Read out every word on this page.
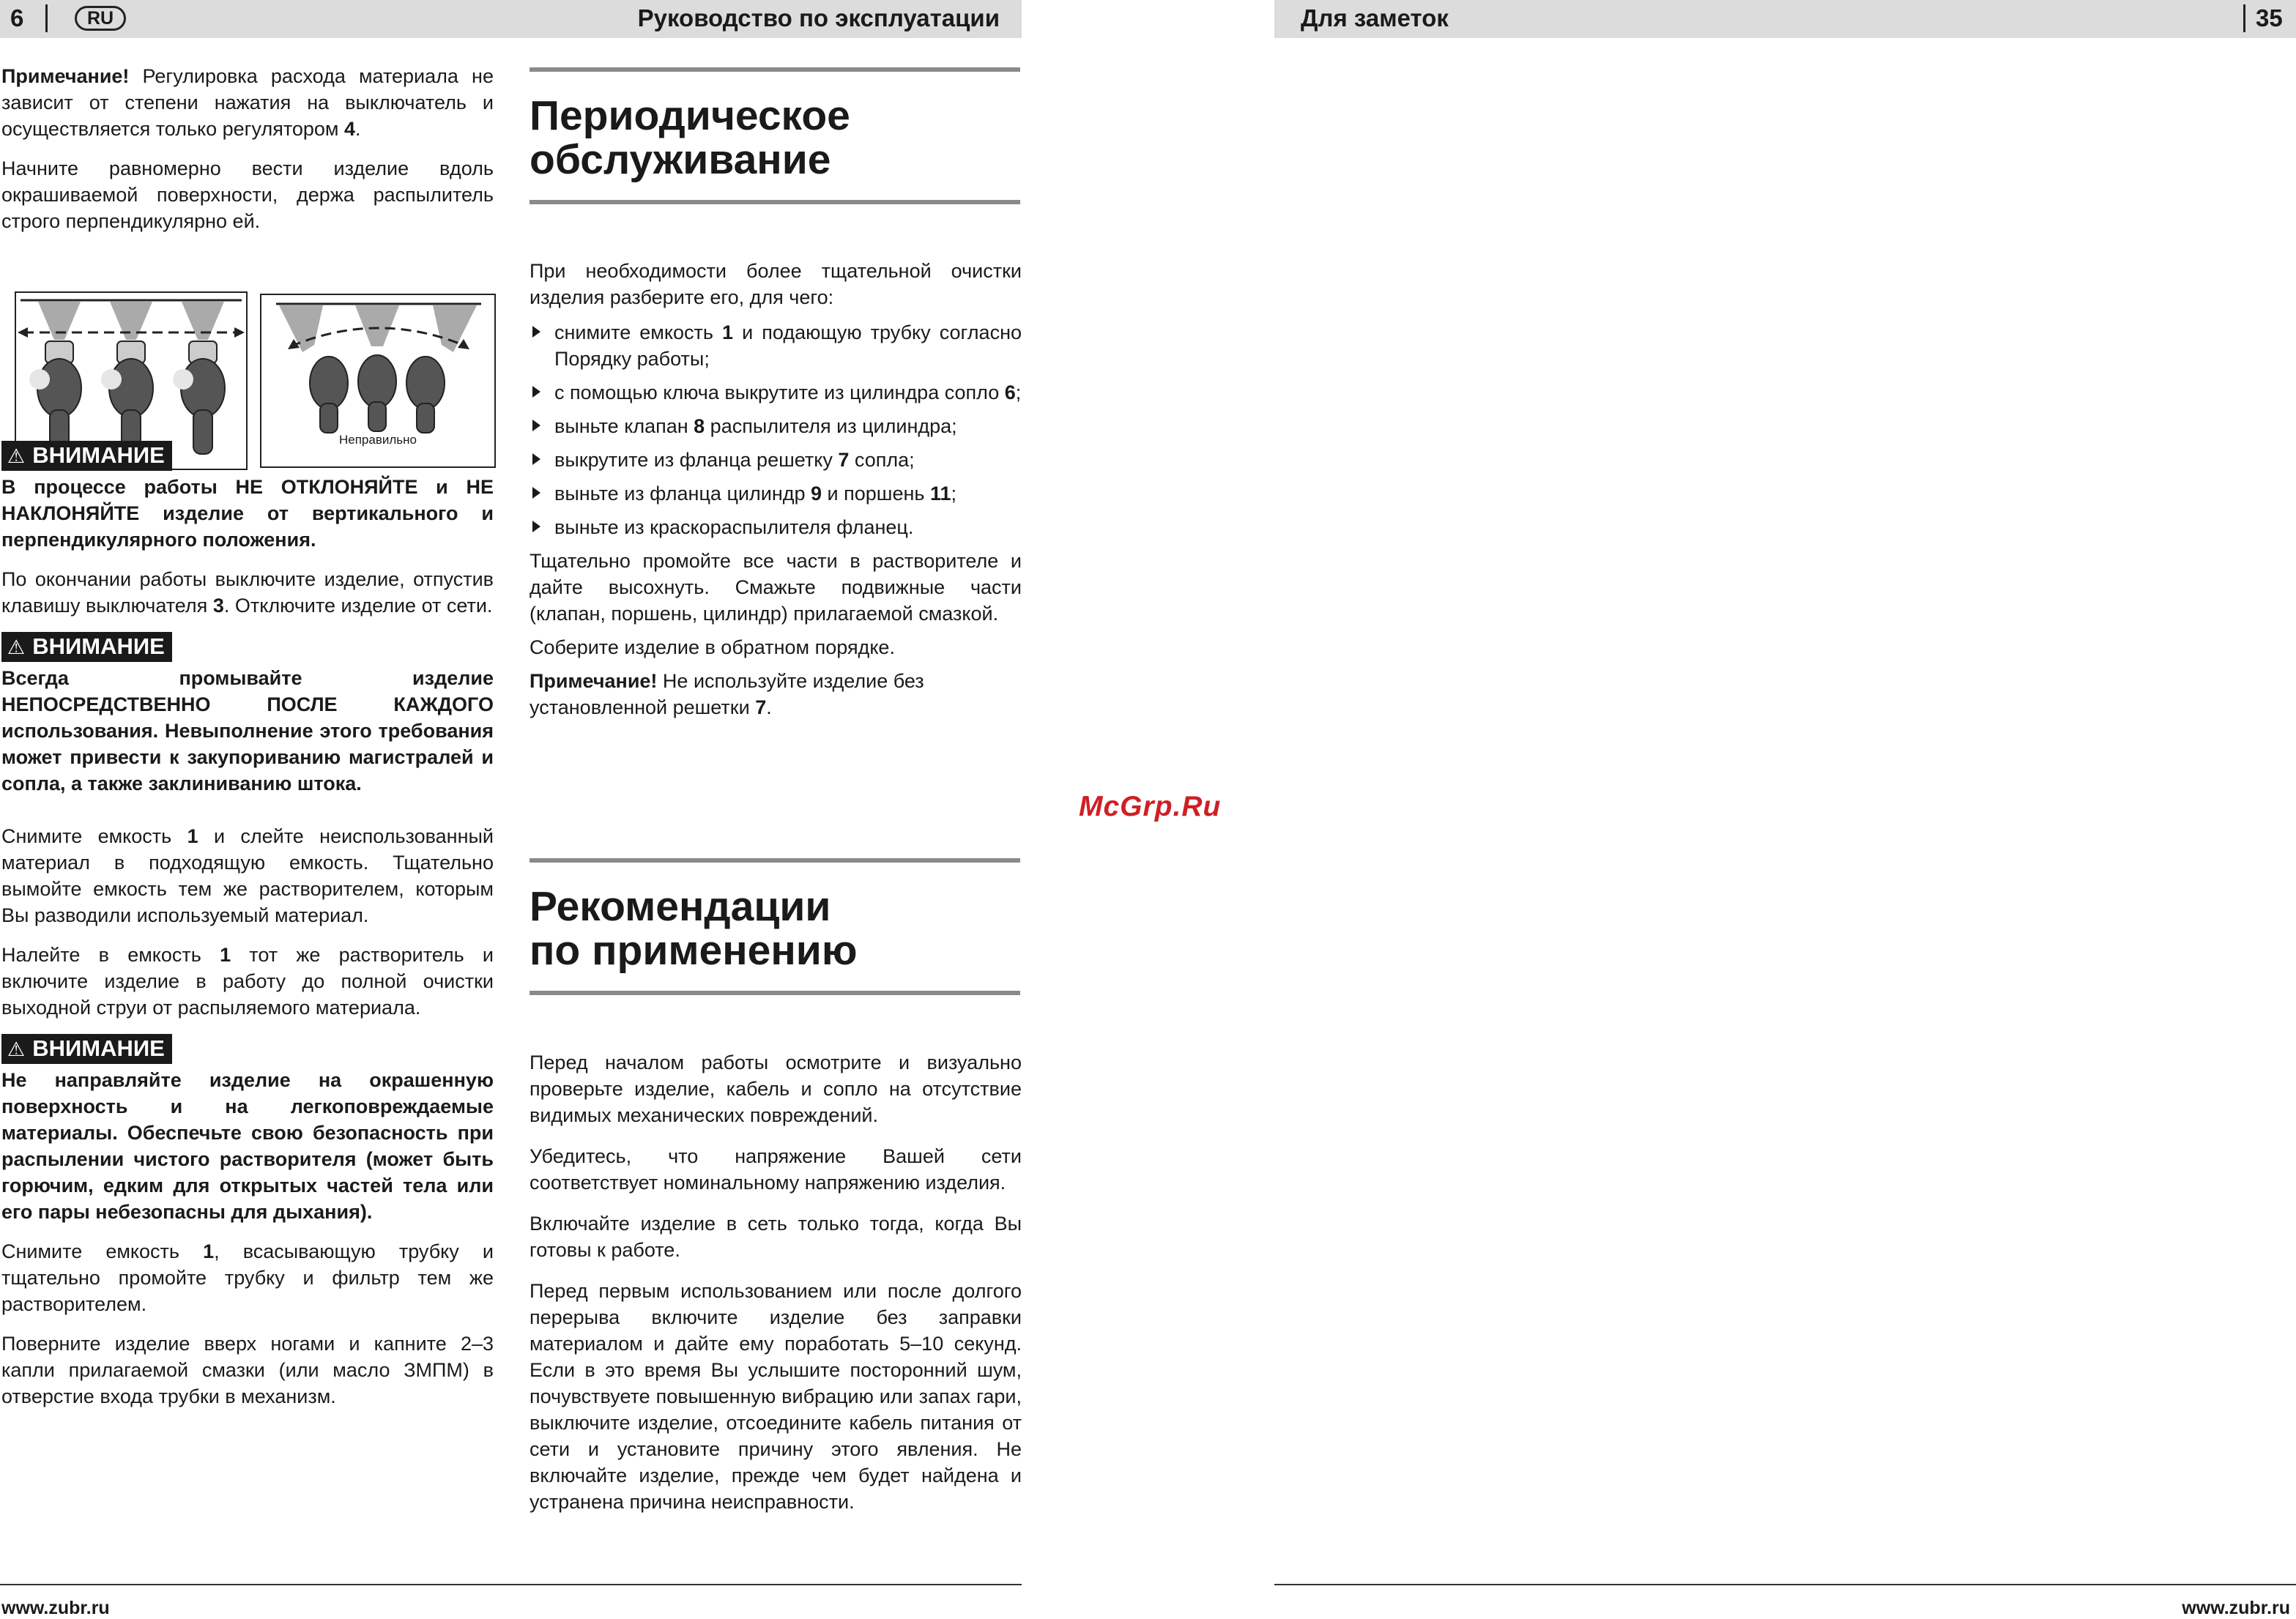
6	RU	Руководство по эксплуатации	Для заметок	35

Примечание! Регулировка расхода материала не зависит от степени нажатия на выключатель и осуществляется только регулятором 4.

Начните равномерно вести изделие вдоль окрашиваемой поверхности, держа распылитель строго перпендикулярно ей.

Неправильно
⚠ ВНИМАНИЕ

В процессе работы НЕ ОТКЛОНЯЙТЕ и НЕ НАКЛОНЯЙТЕ изделие от вертикального и перпендикулярного положения.

По окончании работы выключите изделие, отпустив клавишу выключателя 3. Отключите изделие от сети.

⚠ ВНИМАНИЕ

Всегда промывайте изделие НЕПОСРЕДСТВЕННО ПОСЛЕ КАЖДОГО использования. Невыполнение этого требования может привести к закупориванию магистралей и сопла, а также заклиниванию штока.

Снимите емкость 1 и слейте неиспользованный материал в подходящую емкость. Тщательно вымойте емкость тем же растворителем, которым Вы разводили используемый материал.

Налейте в емкость 1 тот же растворитель и включите изделие в работу до полной очистки выходной струи от распыляемого материала.

⚠ ВНИМАНИЕ

Не направляйте изделие на окрашенную поверхность и на легкоповреждаемые материалы. Обеспечьте свою безопасность при распылении чистого растворителя (может быть горючим, едким для открытых частей тела или его пары небезопасны для дыхания).

Снимите емкость 1, всасывающую трубку и тщательно промойте трубку и фильтр тем же растворителем.

Поверните изделие вверх ногами и капните 2–3 капли прилагаемой смазки (или масло ЗМПМ) в отверстие входа трубки в механизм.

Периодическое
обслуживание

При необходимости более тщательной очистки изделия разберите его, для чего:

снимите емкость 1 и подающую трубку согласно Порядку работы;
с помощью ключа выкрутите из цилиндра сопло 6;
выньте клапан 8 распылителя из цилиндра;
выкрутите из фланца решетку 7 сопла;
выньте из фланца цилиндр 9 и поршень 11;
выньте из краскораспылителя фланец.

Тщательно промойте все части в растворителе и дайте высохнуть. Смажьте подвижные части (клапан, поршень, цилиндр) прилагаемой смазкой.

Соберите изделие в обратном порядке.

Примечание! Не используйте изделие без установленной решетки 7.

Рекомендации
по применению

Перед началом работы осмотрите и визуально проверьте изделие, кабель и сопло на отсутствие видимых механических повреждений.

Убедитесь, что напряжение Вашей сети соответствует номинальному напряжению изделия.

Включайте изделие в сеть только тогда, когда Вы готовы к работе.

Перед первым использованием или после долгого перерыва включите изделие без заправки материалом и дайте ему поработать 5–10 секунд. Если в это время Вы услышите посторонний шум, почувствуете повышенную вибрацию или запах гари, выключите изделие, отсоедините кабель питания от сети и установите причину этого явления. Не включайте изделие, прежде чем будет найдена и устранена причина неисправности.

McGrp.Ru
www.zubr.ru	www.zubr.ru
